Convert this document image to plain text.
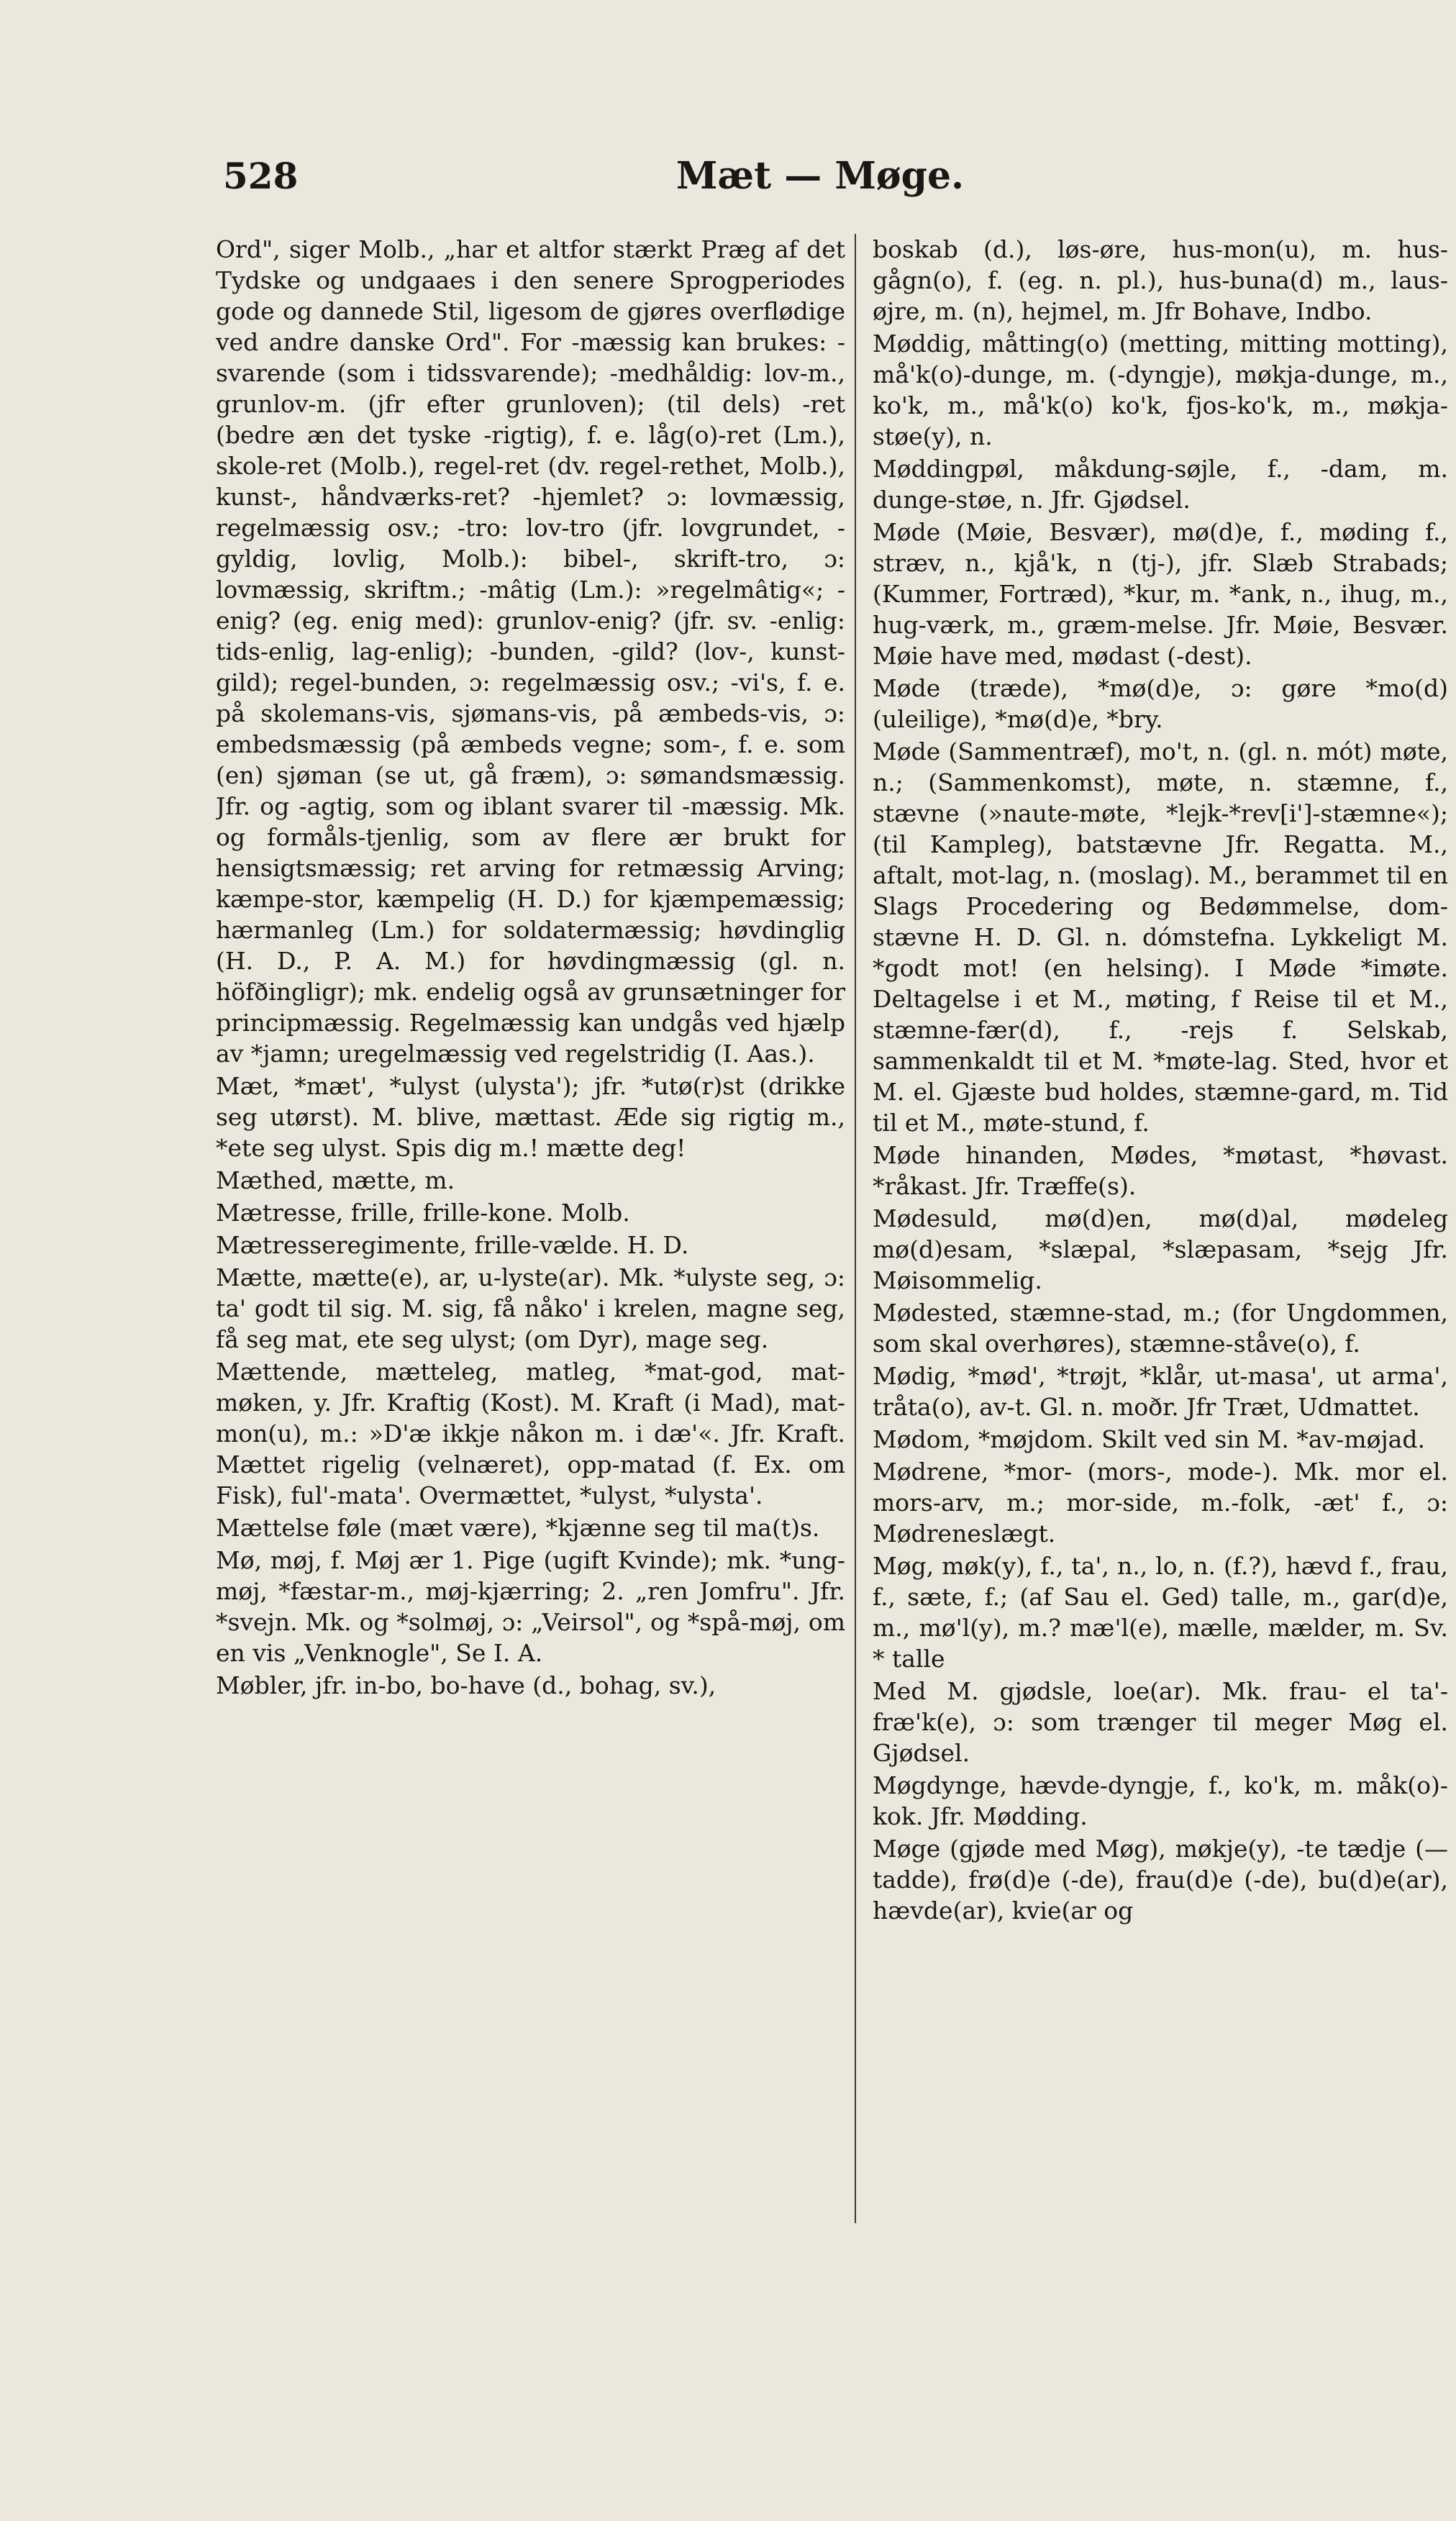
528	Mæt — Møge.

Ord", siger Molb., „har et altfor stærkt Præg af det Tydske og undgaaes i den senere Sprogperiodes gode og dannede Stil, ligesom de gjøres overflødige ved andre danske Ord". For -mæssig kan brukes: -svarende (som i tidssvarende); -medhåldig: lov-m., grunlov-m. (jfr efter grunloven); (til dels) -ret (bedre æn det tyske -rigtig), f. e. låg(o)-ret (Lm.), skole-ret (Molb.), regel-ret (dv. regel-rethet, Molb.), kunst-, håndværks-ret? -hjemlet? ɔ: lovmæssig, regelmæssig osv.; -tro: lov-tro (jfr. lovgrundet, -gyldig, lovlig, Molb.): bibel-, skrift-tro, ɔ: lovmæssig, skriftm.; -mâtig (Lm.): »regelmâtig«; -enig? (eg. enig med): grunlov-enig? (jfr. sv. -enlig: tids-enlig, lag-enlig); -bunden, -gild? (lov-, kunst-gild); regel-bunden, ɔ: regelmæssig osv.; -vi's, f. e. på skolemans-vis, sjømans-vis, på æmbeds-vis, ɔ: embedsmæssig (på æmbeds vegne; som-, f. e. som (en) sjøman (se ut, gå fræm), ɔ: sømandsmæssig. Jfr. og -agtig, som og iblant svarer til -mæssig. Mk. og formåls-tjenlig, som av flere ær brukt for hensigtsmæssig; ret arving for retmæssig Arving; kæmpe-stor, kæmpelig (H. D.) for kjæmpemæssig; hærmanleg (Lm.) for soldatermæssig; høvdinglig (H. D., P. A. M.) for høvdingmæssig (gl. n. höfðingligr); mk. endelig også av grunsætninger for principmæssig. Regelmæssig kan undgås ved hjælp av *jamn; uregelmæssig ved regelstridig (I. Aas.).

Mæt, *mæt', *ulyst (ulysta'); jfr. *utø(r)st (drikke seg utørst). M. blive, mættast. Æde sig rigtig m., *ete seg ulyst. Spis dig m.! mætte deg!

Mæthed, mætte, m.

Mætresse, frille, frille-kone. Molb.

Mætresseregimente, frille-vælde. H. D.

Mætte, mætte(e), ar, u-lyste(ar). Mk. *ulyste seg, ɔ: ta' godt til sig. M. sig, få nåko' i krelen, magne seg, få seg mat, ete seg ulyst; (om Dyr), mage seg.

Mættende, mætteleg, matleg, *mat-god, mat-møken, y. Jfr. Kraftig (Kost). M. Kraft (i Mad), mat-mon(u), m.: »D'æ ikkje nåkon m. i dæ'«. Jfr. Kraft. Mættet rigelig (velnæret), opp-matad (f. Ex. om Fisk), ful'-mata'. Overmættet, *ulyst, *ulysta'.

Mættelse føle (mæt være), *kjænne seg til ma(t)s.

Mø, møj, f. Møj ær 1. Pige (ugift Kvinde); mk. *ung-møj, *fæstar-m., møj-kjærring; 2. „ren Jomfru". Jfr. *svejn. Mk. og *solmøj, ɔ: „Veirsol", og *spå-møj, om en vis „Venknogle", Se I. A.

Møbler, jfr. in-bo, bo-have (d., bohag, sv.),

boskab (d.), løs-øre, hus-mon(u), m. hus-gågn(o), f. (eg. n. pl.), hus-buna(d) m., laus-øjre, m. (n), hejmel, m. Jfr Bohave, Indbo.

Møddig, måtting(o) (metting, mitting motting), må'k(o)-dunge, m. (-dyngje), møkja-dunge, m., ko'k, m., må'k(o) ko'k, fjos-ko'k, m., møkja-støe(y), n.

Møddingpøl, måkdung-søjle, f., -dam, m. dunge-støe, n. Jfr. Gjødsel.

Møde (Møie, Besvær), mø(d)e, f., møding f., stræv, n., kjå'k, n (tj-), jfr. Slæb Strabads; (Kummer, Fortræd), *kur, m. *ank, n., ihug, m., hug-værk, m., græm-melse. Jfr. Møie, Besvær. Møie have med, mødast (-dest).

Møde (træde), *mø(d)e, ɔ: gøre *mo(d) (uleilige), *mø(d)e, *bry.

Møde (Sammentræf), mo't, n. (gl. n. mót) møte, n.; (Sammenkomst), møte, n. stæmne, f., stævne (»naute-møte, *lejk-*rev[i']-stæmne«); (til Kampleg), batstævne Jfr. Regatta. M., aftalt, mot-lag, n. (moslag). M., berammet til en Slags Procedering og Bedømmelse, dom-stævne H. D. Gl. n. dómstefna. Lykkeligt M. *godt mot! (en helsing). I Møde *imøte. Deltagelse i et M., møting, f Reise til et M., stæmne-fær(d), f., -rejs f. Selskab, sammenkaldt til et M. *møte-lag. Sted, hvor et M. el. Gjæste bud holdes, stæmne-gard, m. Tid til et M., møte-stund, f.

Møde hinanden, Mødes, *møtast, *høvast. *råkast. Jfr. Træffe(s).

Mødesuld, mø(d)en, mø(d)al, mødeleg mø(d)esam, *slæpal, *slæpasam, *sejg Jfr. Møisommelig.

Mødested, stæmne-stad, m.; (for Ungdommen, som skal overhøres), stæmne-ståve(o), f.

Mødig, *mød', *trøjt, *klår, ut-masa', ut arma', tråta(o), av-t. Gl. n. moðr. Jfr Træt, Udmattet.

Mødom, *møjdom. Skilt ved sin M. *av-møjad.

Mødrene, *mor- (mors-, mode-). Mk. mor el. mors-arv, m.; mor-side, m.-folk, -æt' f., ɔ: Mødreneslægt.

Møg, møk(y), f., ta', n., lo, n. (f.?), hævd f., frau, f., sæte, f.; (af Sau el. Ged) talle, m., gar(d)e, m., mø'l(y), m.? mæ'l(e), mælle, mælder, m. Sv. * talle

Med M. gjødsle, loe(ar). Mk. frau- el ta'-fræ'k(e), ɔ: som trænger til meger Møg el. Gjødsel.

Møgdynge, hævde-dyngje, f., ko'k, m. måk(o)-kok. Jfr. Mødding.

Møge (gjøde med Møg), møkje(y), -te tædje (— tadde), frø(d)e (-de), frau(d)e (-de), bu(d)e(ar), hævde(ar), kvie(ar og
